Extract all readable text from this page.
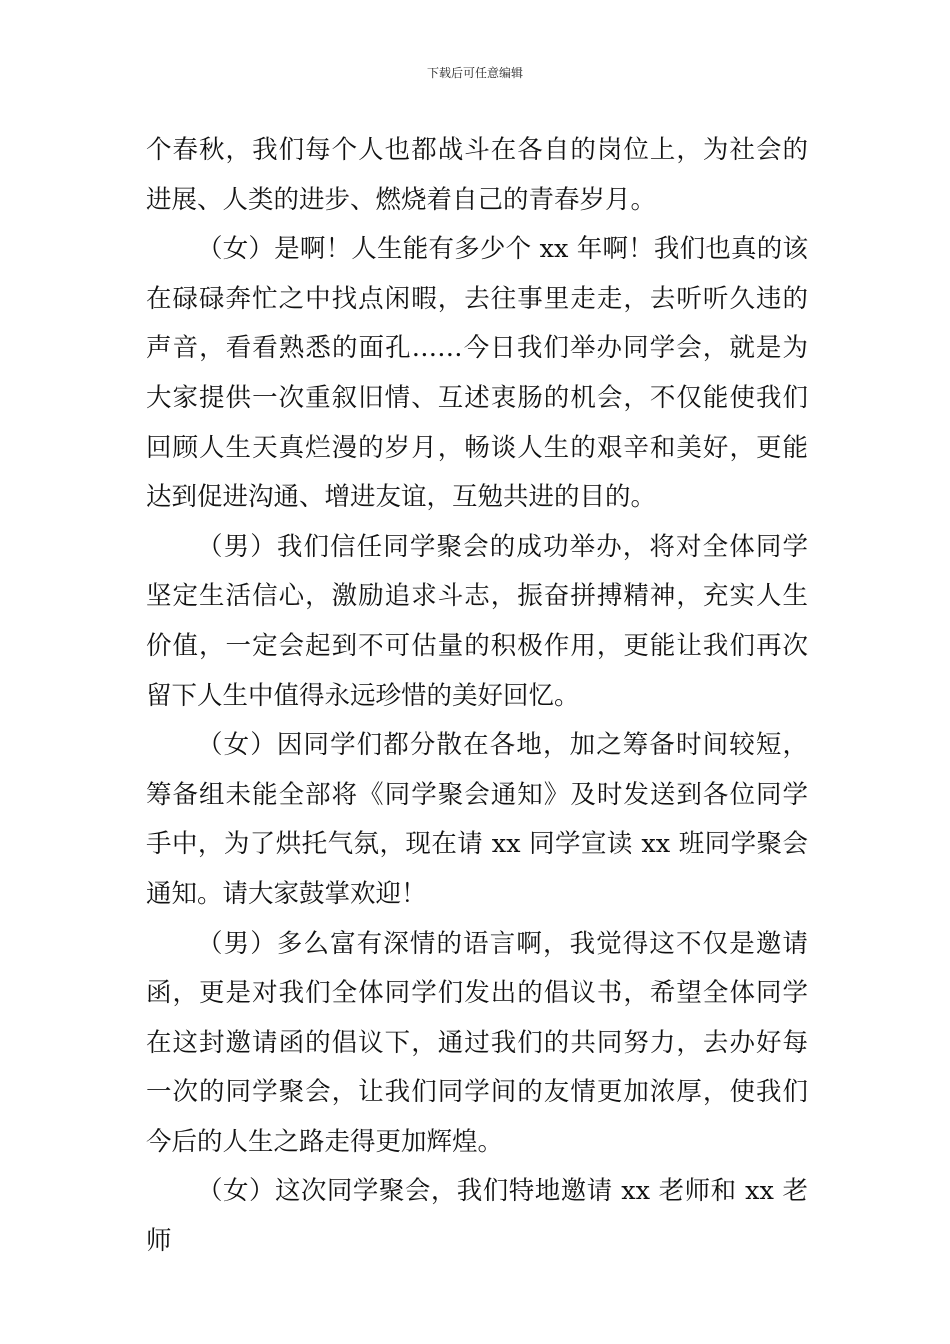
下载后可任意编辑

个春秋，我们每个人也都战斗在各自的岗位上，为社会的进展、人类的进步、燃烧着自己的青春岁月。

（女）是啊！人生能有多少个 xx 年啊！我们也真的该在碌碌奔忙之中找点闲暇，去往事里走走，去听听久违的声音，看看熟悉的面孔……今日我们举办同学会，就是为大家提供一次重叙旧情、互述衷肠的机会，不仅能使我们回顾人生天真烂漫的岁月，畅谈人生的艰辛和美好，更能达到促进沟通、增进友谊，互勉共进的目的。

（男）我们信任同学聚会的成功举办，将对全体同学坚定生活信心，激励追求斗志，振奋拼搏精神，充实人生价值，一定会起到不可估量的积极作用，更能让我们再次留下人生中值得永远珍惜的美好回忆。

（女）因同学们都分散在各地，加之筹备时间较短，筹备组未能全部将《同学聚会通知》及时发送到各位同学手中，为了烘托气氛，现在请 xx 同学宣读 xx 班同学聚会通知。请大家鼓掌欢迎！

（男）多么富有深情的语言啊，我觉得这不仅是邀请函，更是对我们全体同学们发出的倡议书，希望全体同学在这封邀请函的倡议下，通过我们的共同努力，去办好每一次的同学聚会，让我们同学间的友情更加浓厚，使我们今后的人生之路走得更加辉煌。

（女）这次同学聚会，我们特地邀请 xx 老师和 xx 老师
